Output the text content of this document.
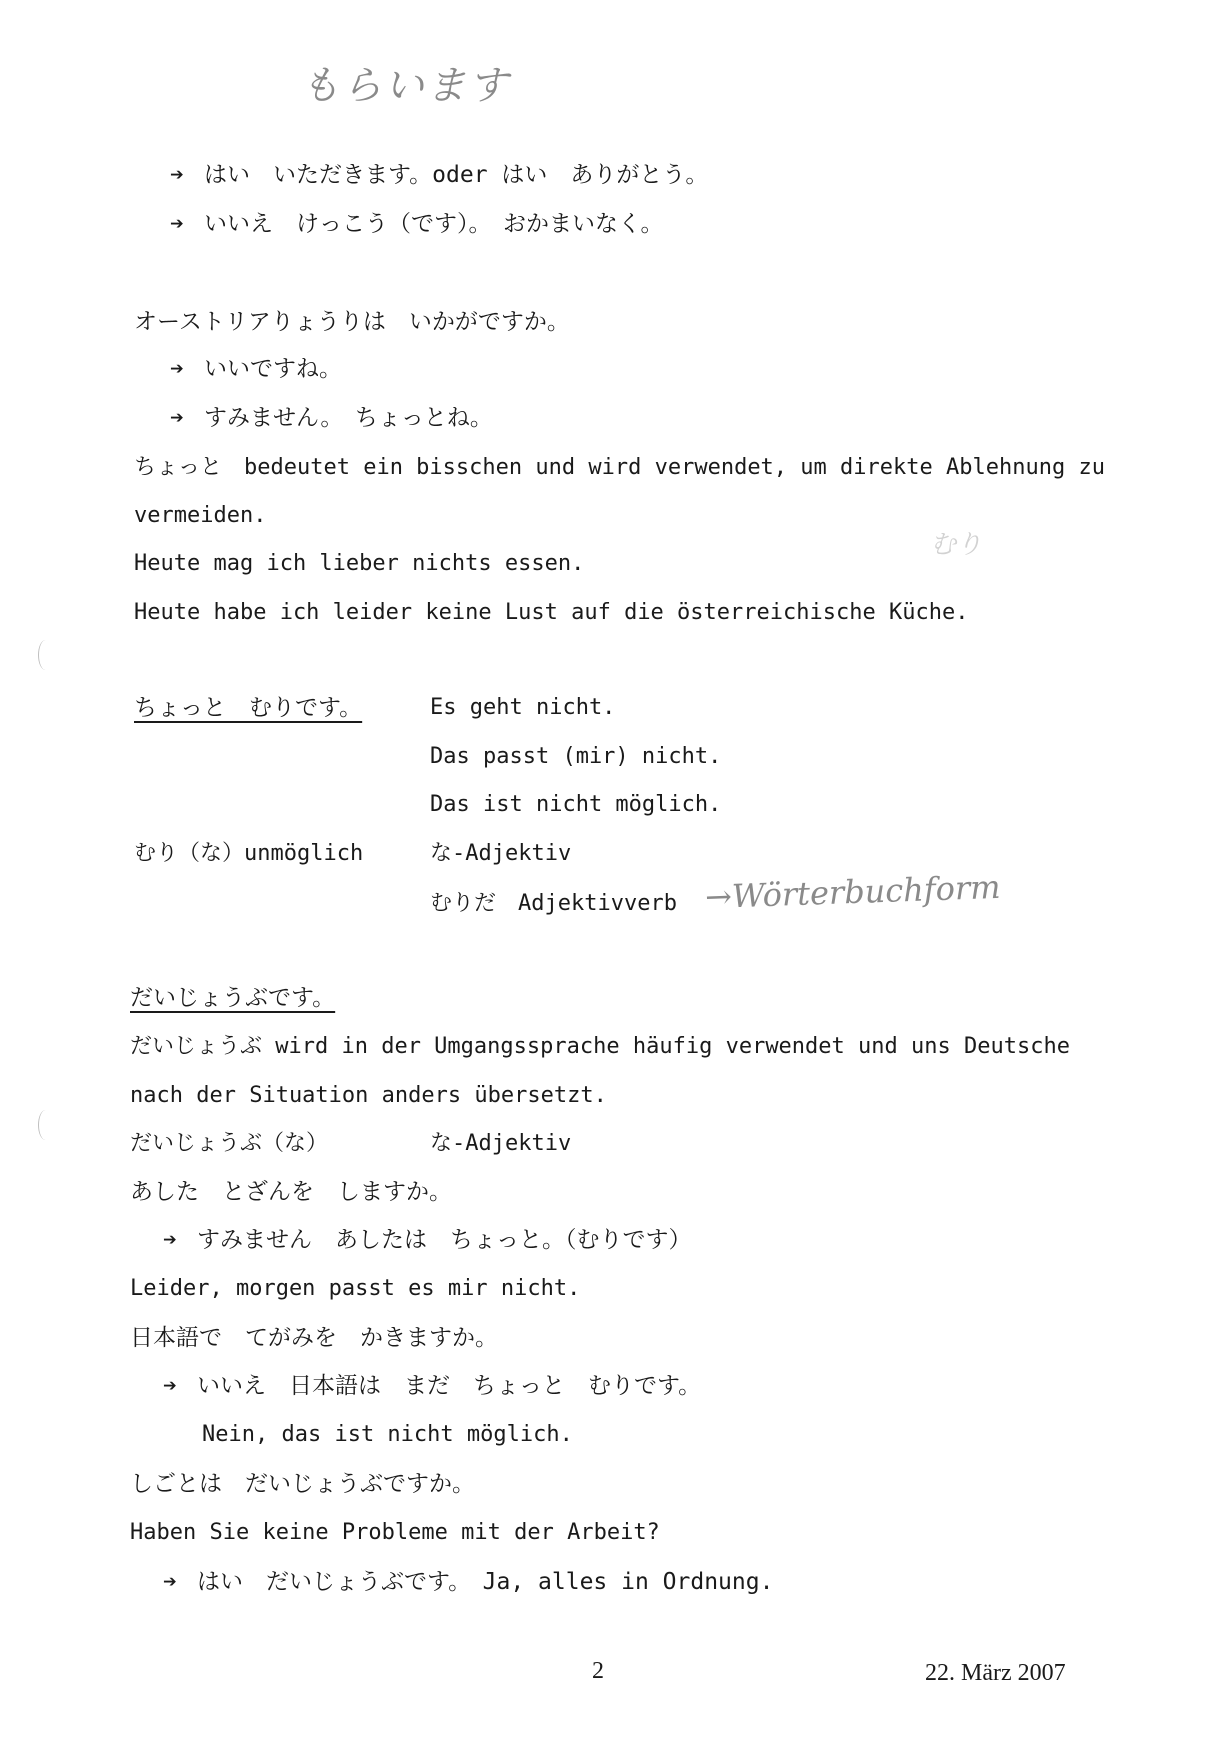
もらいます
➔ はい　いただきます。oder はい　ありがとう。
➔ いいえ　けっこう（です）。　おかまいなく。
オーストリアりょうりは　いかがですか。
➔ いいですね。
➔ すみません。　ちょっとね。
ちょっと　bedeutet ein bisschen und wird verwendet, um direkte Ablehnung zu
vermeiden.
Heute mag ich lieber nichts essen.
Heute habe ich leider keine Lust auf die österreichische Küche.
むり
ちょっと　むりです。	Es geht nicht.
Das passt (mir) nicht.
Das ist nicht möglich.
むり（な）unmöglich	な-Adjektiv
むりだ　Adjektivverb →Wörterbuchform
だいじょうぶです。
だいじょうぶ wird in der Umgangssprache häufig verwendet und uns Deutsche
nach der Situation anders übersetzt.
だいじょうぶ（な）	な-Adjektiv
あした　とざんを　しますか。
➔ すみません　あしたは　ちょっと。（むりです）
Leider, morgen passt es mir nicht.
日本語で　てがみを　かきますか。
➔ いいえ　日本語は　まだ　ちょっと　むりです。
Nein, das ist nicht möglich.
しごとは　だいじょうぶですか。
Haben Sie keine Probleme mit der Arbeit?
➔ はい　だいじょうぶです。　Ja, alles in Ordnung.
2	22. März 2007
